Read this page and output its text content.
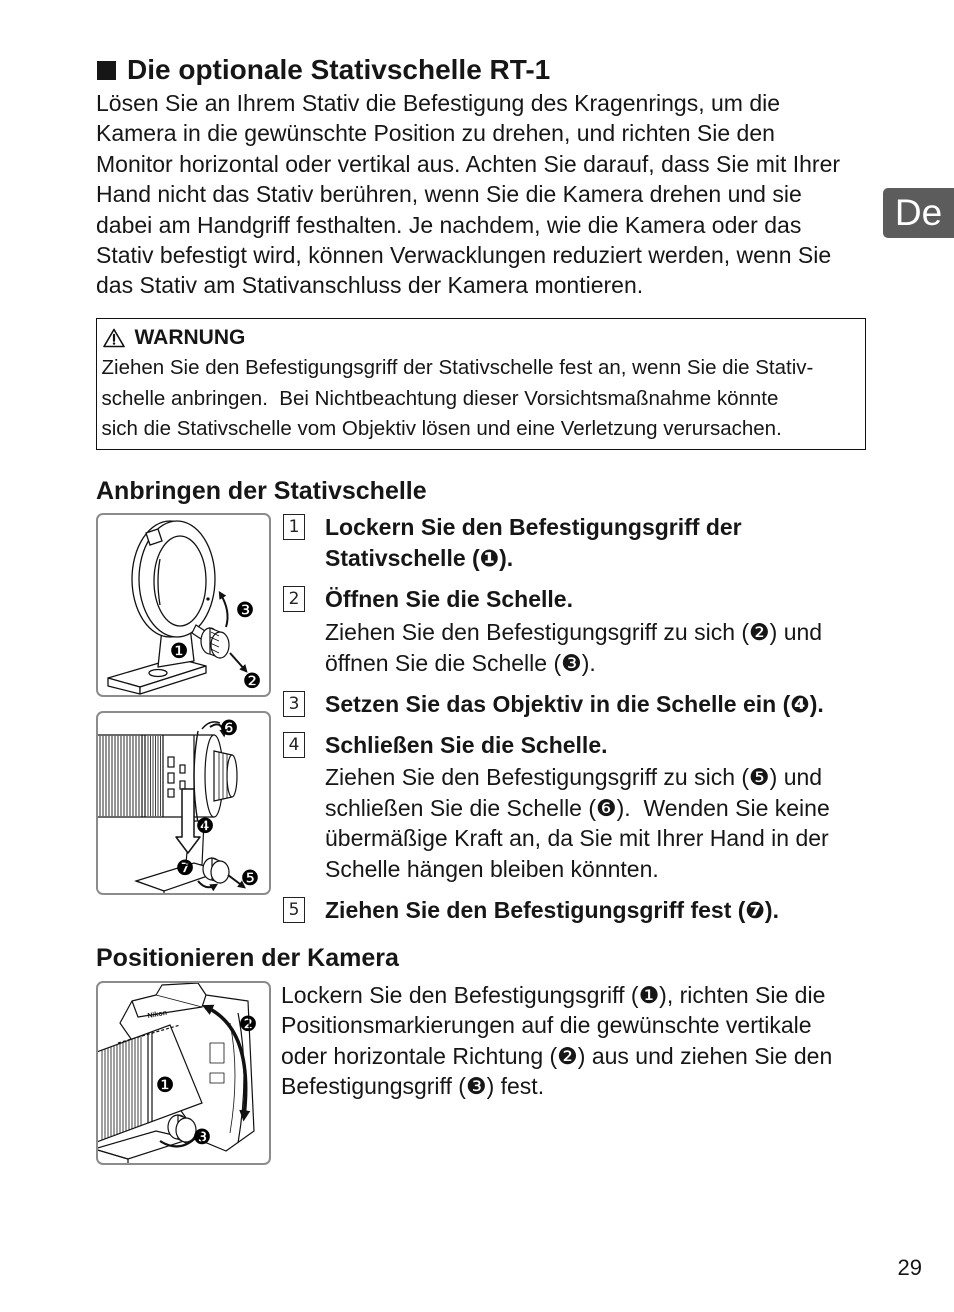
Die optionale Stativschelle RT-1
Lösen Sie an Ihrem Stativ die Befestigung des Kragenrings, um die
Kamera in die gewünschte Position zu drehen, und richten Sie den
Monitor horizontal oder vertikal aus. Achten Sie darauf, dass Sie mit Ihrer
Hand nicht das Stativ berühren, wenn Sie die Kamera drehen und sie
dabei am Handgriff festhalten. Je nachdem, wie die Kamera oder das
Stativ befestigt wird, können Verwacklungen reduziert werden, wenn Sie
das Stativ am Stativanschluss der Kamera montieren.
De
WARNUNG
Ziehen Sie den Befestigungsgriff der Stativschelle fest an, wenn Sie die Stativ-
schelle anbringen.  Bei Nichtbeachtung dieser Vorsichtsmaßnahme könnte
sich die Stativschelle vom Objektiv lösen und eine Verletzung verursachen.
Anbringen der Stativschelle
❶
❷
❸
❹
❺
❻
❼
1 Lockern Sie den Befestigungsgriff der
Stativschelle (❶).
2 Öffnen Sie die Schelle.
Ziehen Sie den Befestigungsgriff zu sich (❷) und
öffnen Sie die Schelle (❸).
3 Setzen Sie das Objektiv in die Schelle ein (❹).
4 Schließen Sie die Schelle.
Ziehen Sie den Befestigungsgriff zu sich (❺) und
schließen Sie die Schelle (❻).  Wenden Sie keine
übermäßige Kraft an, da Sie mit Ihrer Hand in der
Schelle hängen bleiben könnten.
5 Ziehen Sie den Befestigungsgriff fest (❼).
Positionieren der Kamera
Nikon
❶
❷
❸
Lockern Sie den Befestigungsgriff (❶), richten Sie die
Positionsmarkierungen auf die gewünschte vertikale
oder horizontale Richtung (❷) aus und ziehen Sie den
Befestigungsgriff (❸) fest.
29
